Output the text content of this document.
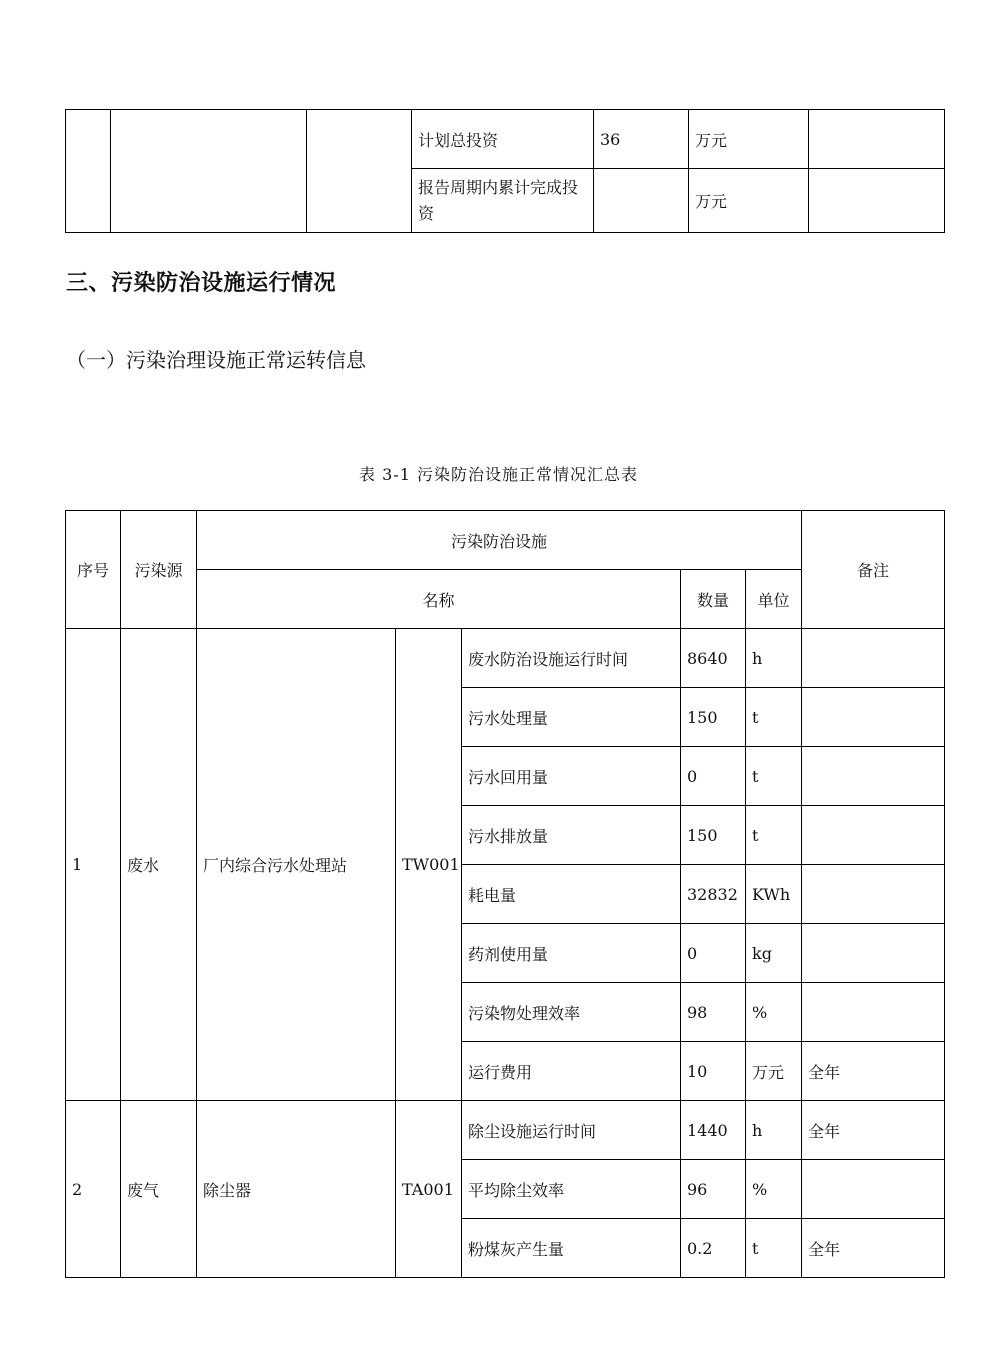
			计划总投资	36	万元	
			报告周期内累计完成投资		万元	
三、污染防治设施运行情况
（一）污染治理设施正常运转信息
表 3-1 污染防治设施正常情况汇总表
序号	污染源	污染防治设施					备注
		名称			数量	单位	
1	废水	厂内综合污水处理站	TW001	废水防治设施运行时间	8640	h	
				污水处理量	150	t	
				污水回用量	0	t	
				污水排放量	150	t	
				耗电量	32832	KWh	
				药剂使用量	0	kg	
				污染物处理效率	98	%	
				运行费用	10	万元	全年
2	废气	除尘器	TA001	除尘设施运行时间	1440	h	全年
				平均除尘效率	96	%	
				粉煤灰产生量	0.2	t	全年
